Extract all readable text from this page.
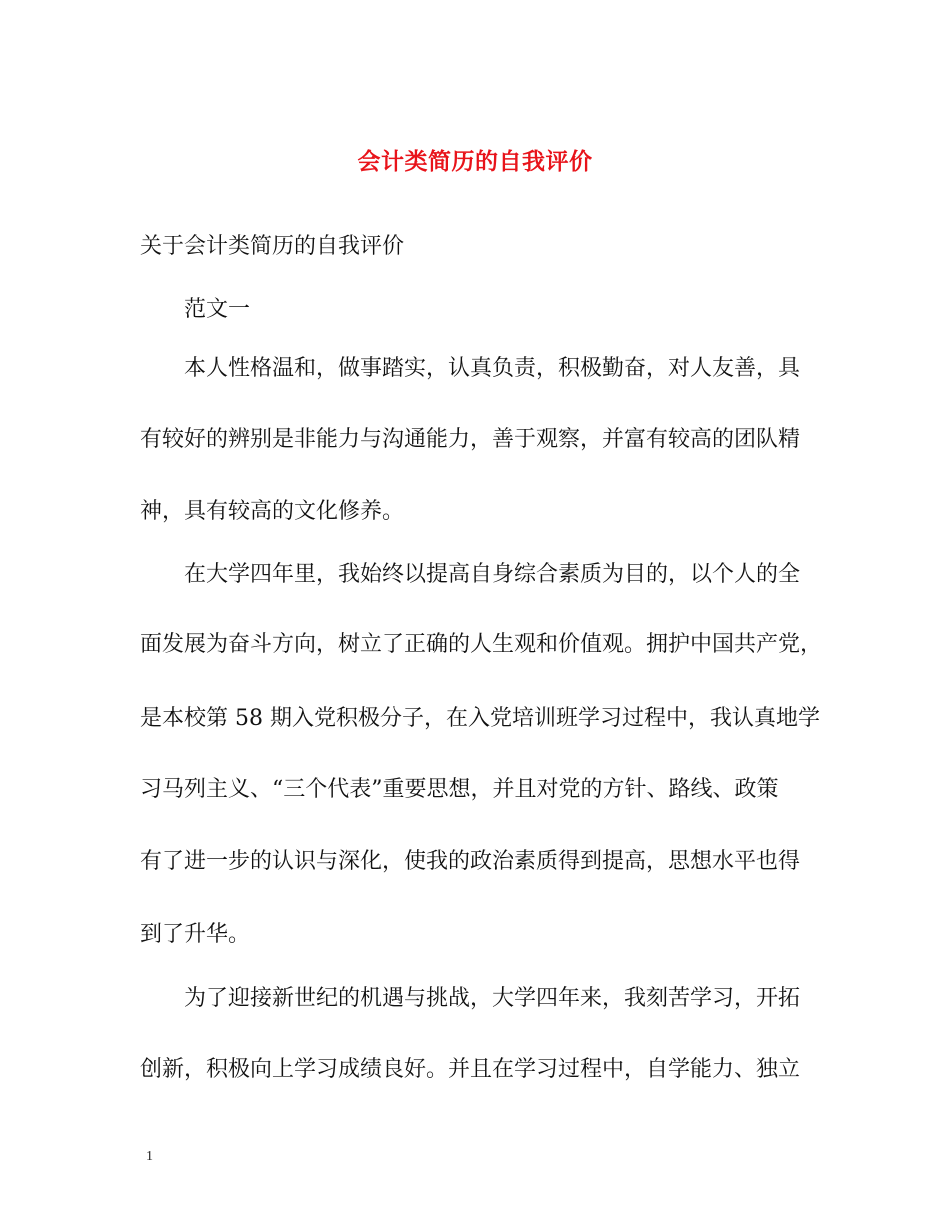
会计类简历的自我评价
关于会计类简历的自我评价
范文一
本人性格温和，做事踏实，认真负责，积极勤奋，对人友善，具
有较好的辨别是非能力与沟通能力，善于观察，并富有较高的团队精
神，具有较高的文化修养。
在大学四年里，我始终以提高自身综合素质为目的，以个人的全
面发展为奋斗方向，树立了正确的人生观和价值观。拥护中国共产党，
是本校第 58 期入党积极分子，在入党培训班学习过程中，我认真地学
习马列主义、“三个代表”重要思想，并且对党的方针、路线、政策
有了进一步的认识与深化，使我的政治素质得到提高，思想水平也得
到了升华。
为了迎接新世纪的机遇与挑战，大学四年来，我刻苦学习，开拓
创新，积极向上学习成绩良好。并且在学习过程中，自学能力、独立
1
